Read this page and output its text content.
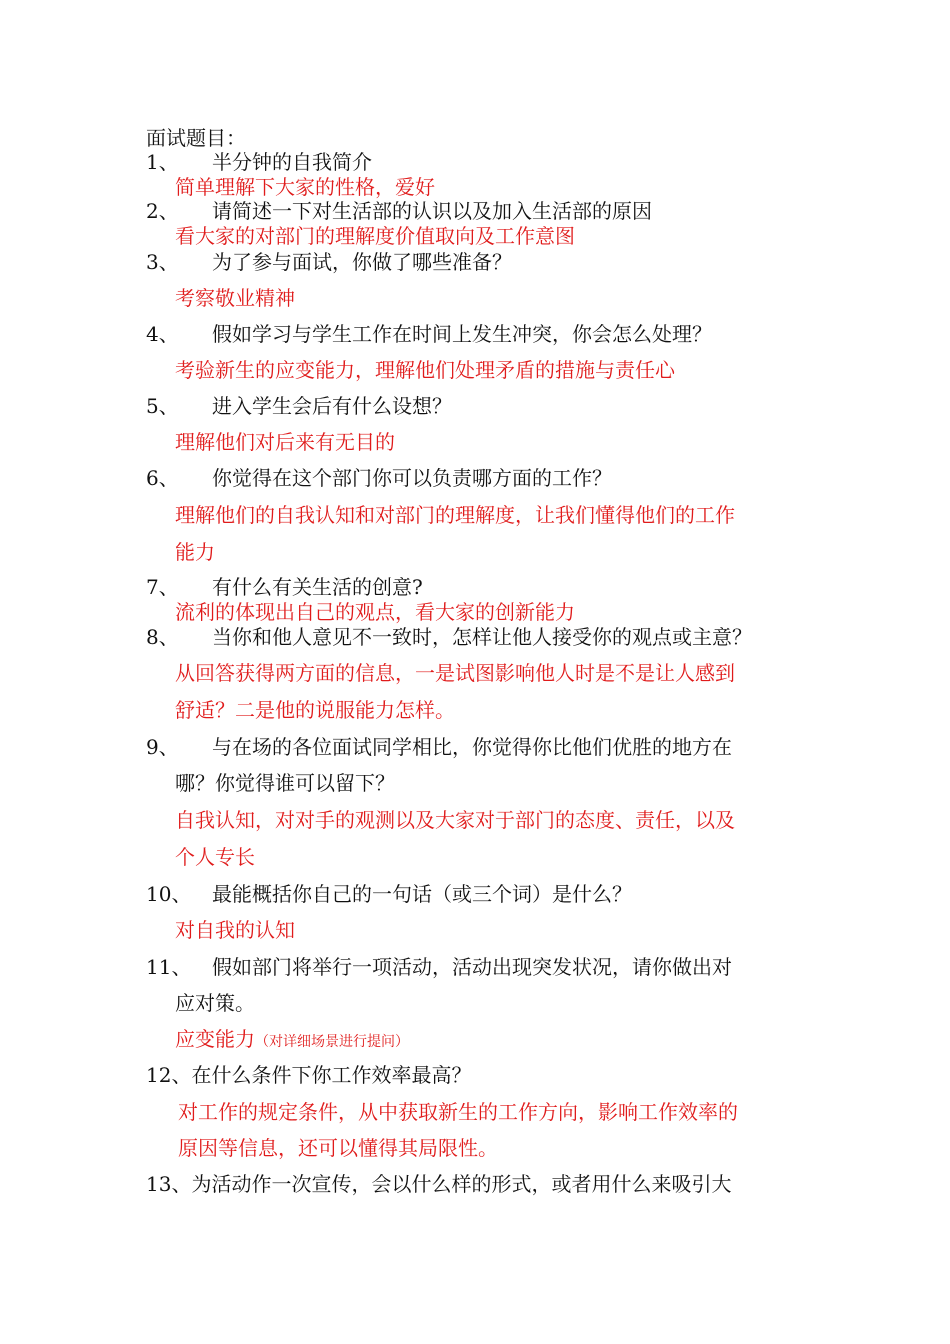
面试题目：
1、	半分钟的自我简介
简单理解下大家的性格，爱好
2、	请简述一下对生活部的认识以及加入生活部的原因
看大家的对部门的理解度价值取向及工作意图
3、	为了参与面试，你做了哪些准备？
考察敬业精神
4、	假如学习与学生工作在时间上发生冲突，你会怎么处理？
考验新生的应变能力，理解他们处理矛盾的措施与责任心
5、	进入学生会后有什么设想？
理解他们对后来有无目的
6、	你觉得在这个部门你可以负责哪方面的工作？
理解他们的自我认知和对部门的理解度，让我们懂得他们的工作
能力
7、	有什么有关生活的创意?
流利的体现出自己的观点，看大家的创新能力
8、	当你和他人意见不一致时，怎样让他人接受你的观点或主意？
从回答获得两方面的信息，一是试图影响他人时是不是让人感到
舒适？二是他的说服能力怎样。
9、	与在场的各位面试同学相比，你觉得你比他们优胜的地方在
哪？你觉得谁可以留下？
自我认知，对对手的观测以及大家对于部门的态度、责任，以及
个人专长
10、	最能概括你自己的一句话（或三个词）是什么？
对自我的认知
11、	假如部门将举行一项活动，活动出现突发状况，请你做出对
应对策。
应变能力（对详细场景进行提问）
12、在什么条件下你工作效率最高？
对工作的规定条件，从中获取新生的工作方向，影响工作效率的
原因等信息，还可以懂得其局限性。
13、为活动作一次宣传，会以什么样的形式，或者用什么来吸引大
